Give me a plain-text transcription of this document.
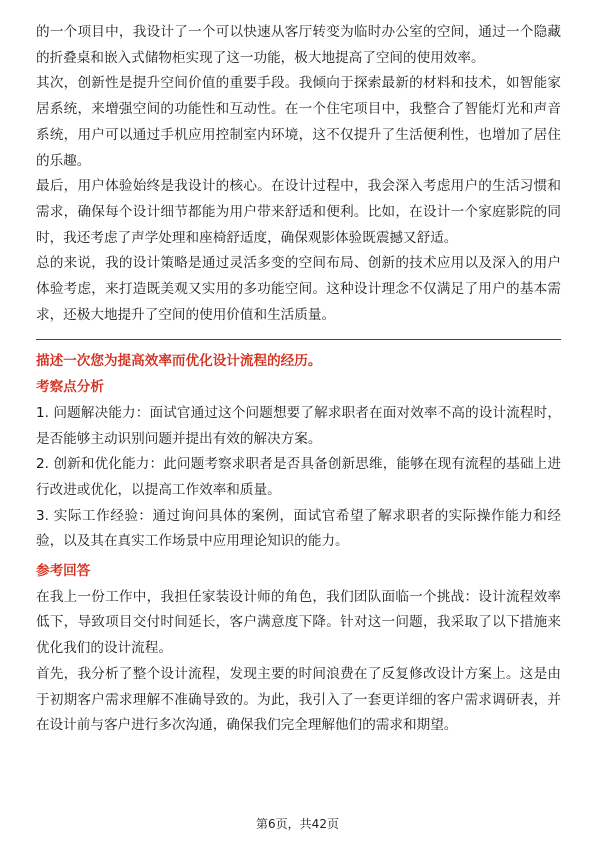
的一个项目中，我设计了一个可以快速从客厅转变为临时办公室的空间，通过一个隐藏的折叠桌和嵌入式储物柜实现了这一功能，极大地提高了空间的使用效率。

其次，创新性是提升空间价值的重要手段。我倾向于探索最新的材料和技术，如智能家居系统，来增强空间的功能性和互动性。在一个住宅项目中，我整合了智能灯光和声音系统，用户可以通过手机应用控制室内环境，这不仅提升了生活便利性，也增加了居住的乐趣。

最后，用户体验始终是我设计的核心。在设计过程中，我会深入考虑用户的生活习惯和需求，确保每个设计细节都能为用户带来舒适和便利。比如，在设计一个家庭影院的同时，我还考虑了声学处理和座椅舒适度，确保观影体验既震撼又舒适。

总的来说，我的设计策略是通过灵活多变的空间布局、创新的技术应用以及深入的用户体验考虑，来打造既美观又实用的多功能空间。这种设计理念不仅满足了用户的基本需求，还极大地提升了空间的使用价值和生活质量。

描述一次您为提高效率而优化设计流程的经历。
考察点分析

1. 问题解决能力：面试官通过这个问题想要了解求职者在面对效率不高的设计流程时，是否能够主动识别问题并提出有效的解决方案。

2. 创新和优化能力：此问题考察求职者是否具备创新思维，能够在现有流程的基础上进行改进或优化，以提高工作效率和质量。

3. 实际工作经验：通过询问具体的案例，面试官希望了解求职者的实际操作能力和经验，以及其在真实工作场景中应用理论知识的能力。

参考回答

在我上一份工作中，我担任家装设计师的角色，我们团队面临一个挑战：设计流程效率低下，导致项目交付时间延长，客户满意度下降。针对这一问题，我采取了以下措施来优化我们的设计流程。

首先，我分析了整个设计流程，发现主要的时间浪费在了反复修改设计方案上。这是由于初期客户需求理解不准确导致的。为此，我引入了一套更详细的客户需求调研表，并在设计前与客户进行多次沟通，确保我们完全理解他们的需求和期望。

第6页，共42页
